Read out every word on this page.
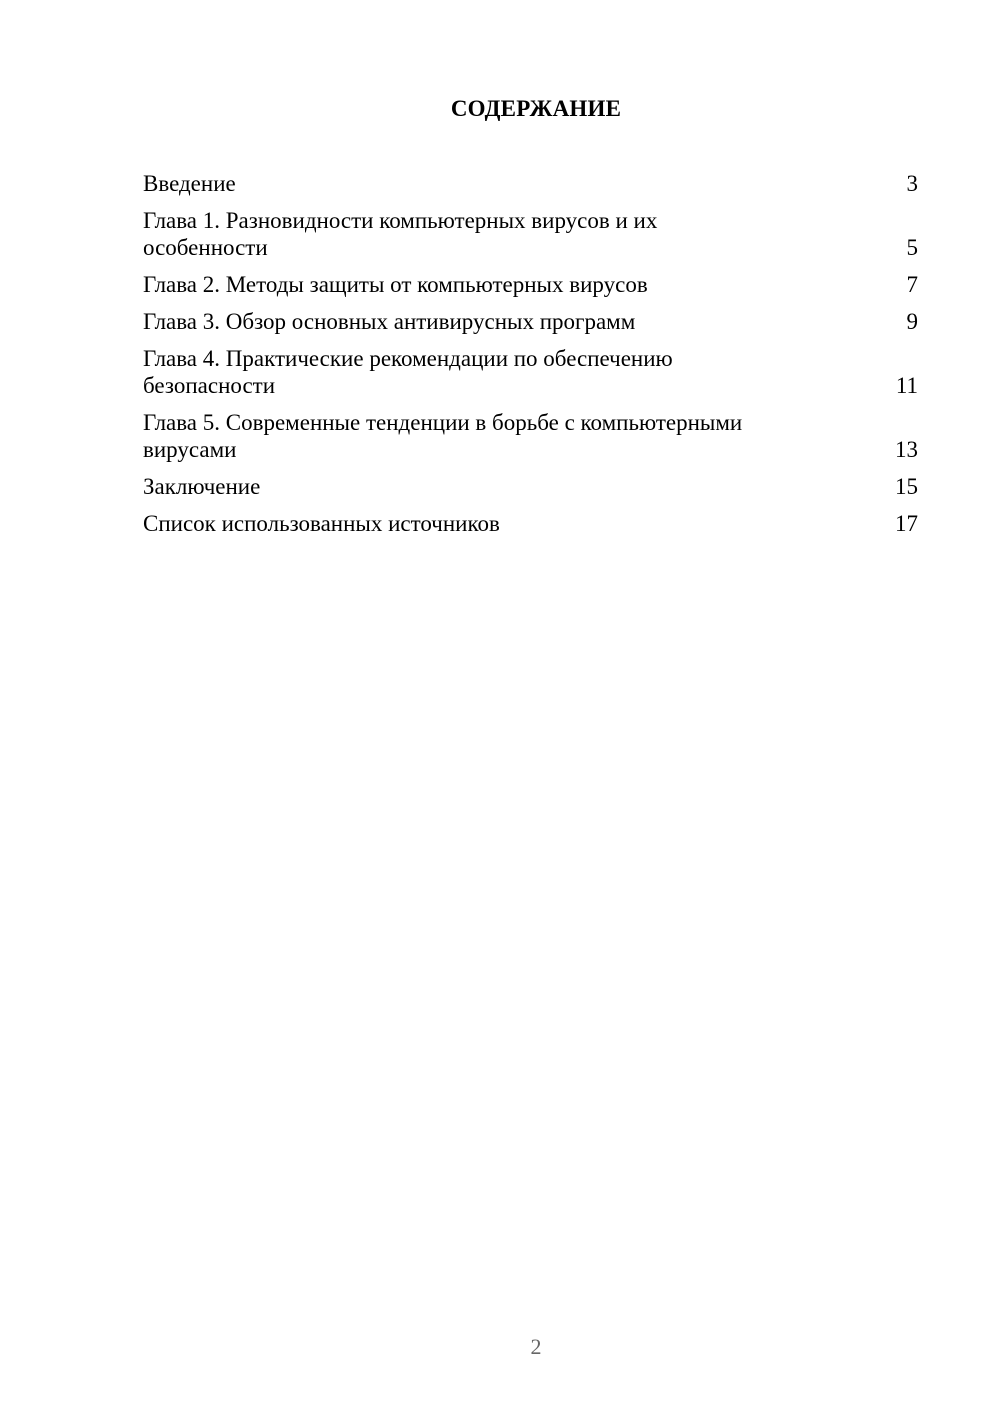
СОДЕРЖАНИЕ
Введение	3
Глава 1. Разновидности компьютерных вирусов и их
особенности	5
Глава 2. Методы защиты от компьютерных вирусов	7
Глава 3. Обзор основных антивирусных программ	9
Глава 4. Практические рекомендации по обеспечению
безопасности	11
Глава 5. Современные тенденции в борьбе с компьютерными
вирусами	13
Заключение	15
Список использованных источников	17
2
